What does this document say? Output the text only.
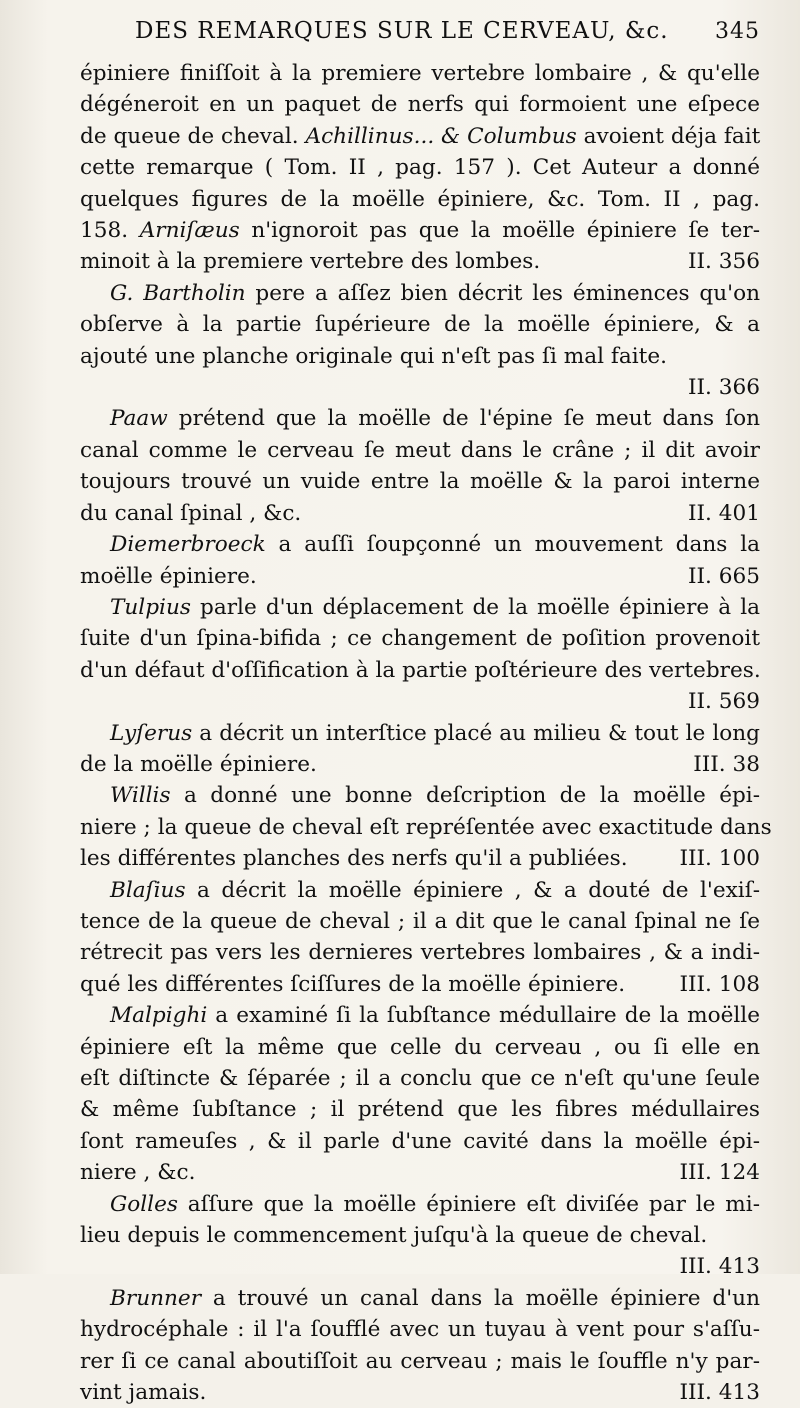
DES REMARQUES SUR LE CERVEAU, &c. 345
épiniere finiſſoit à la premiere vertebre lombaire , & qu'elle
dégéneroit en un paquet de nerfs qui formoient une eſpece
de queue de cheval. Achillinus... & Columbus avoient déja fait
cette remarque ( Tom. II , pag. 157 ). Cet Auteur a donné
quelques figures de la moëlle épiniere, &c. Tom. II , pag.
158. Arniſæus n'ignoroit pas que la moëlle épiniere ſe ter-
II. 356
minoit à la premiere vertebre des lombes.
G. Bartholin pere a aſſez bien décrit les éminences qu'on
obſerve à la partie ſupérieure de la moëlle épiniere, & a
ajouté une planche originale qui n'eſt pas ſi mal faite.
II. 366
Paaw prétend que la moëlle de l'épine ſe meut dans ſon
canal comme le cerveau ſe meut dans le crâne ; il dit avoir
toujours trouvé un vuide entre la moëlle & la paroi interne
II. 401
du canal ſpinal , &c.
Diemerbroeck a auſſi ſoupçonné un mouvement dans la
II. 665
moëlle épiniere.
Tulpius parle d'un déplacement de la moëlle épiniere à la
ſuite d'un ſpina-bifida ; ce changement de poſition provenoit
d'un défaut d'oſſification à la partie poſtérieure des vertebres.
II. 569
Lyſerus a décrit un interſtice placé au milieu & tout le long
III. 38
de la moëlle épiniere.
Willis a donné une bonne deſcription de la moëlle épi-
niere ; la queue de cheval eſt repréſentée avec exactitude dans
III. 100
les différentes planches des nerfs qu'il a publiées.
Blaſius a décrit la moëlle épiniere , & a douté de l'exiſ-
tence de la queue de cheval ; il a dit que le canal ſpinal ne ſe
rétrecit pas vers les dernieres vertebres lombaires , & a indi-
III. 108
qué les différentes ſciſſures de la moëlle épiniere.
Malpighi a examiné ſi la ſubſtance médullaire de la moëlle
épiniere eſt la même que celle du cerveau , ou ſi elle en
eſt diſtincte & ſéparée ; il a conclu que ce n'eſt qu'une ſeule
& même ſubſtance ; il prétend que les fibres médullaires
ſont rameuſes , & il parle d'une cavité dans la moëlle épi-
III. 124
niere , &c.
Golles aſſure que la moëlle épiniere eſt diviſée par le mi-
lieu depuis le commencement juſqu'à la queue de cheval.
III. 413
Brunner a trouvé un canal dans la moëlle épiniere d'un
hydrocéphale : il l'a ſoufflé avec un tuyau à vent pour s'aſſu-
rer ſi ce canal aboutiſſoit au cerveau ; mais le ſouffle n'y par-
III. 413
vint jamais.
